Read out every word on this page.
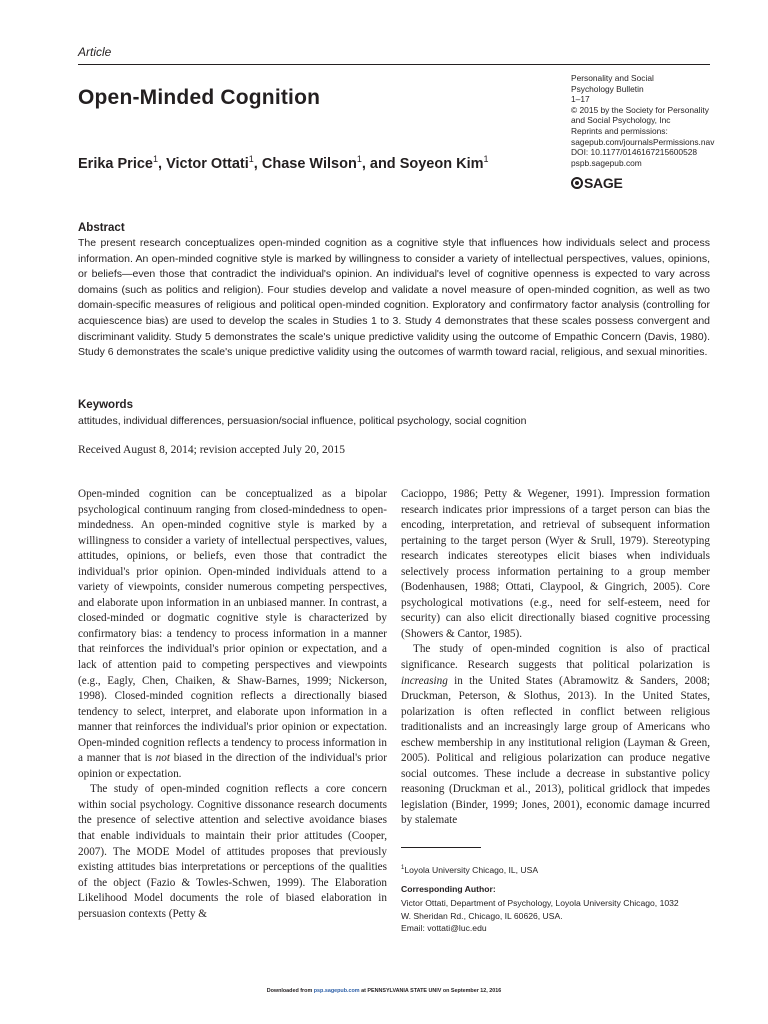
Article
Open-Minded Cognition
Erika Price$^1$, Victor Ottati$^1$, Chase Wilson$^1$, and Soyeon Kim$^1$
Personality and Social
Psychology Bulletin
1–17
© 2015 by the Society for Personality
and Social Psychology, Inc
Reprints and permissions:
sagepub.com/journalsPermissions.nav
DOI: 10.1177/0146167215600528
pspb.sagepub.com
SAGE
Abstract
The present research conceptualizes open-minded cognition as a cognitive style that influences how individuals select and process information. An open-minded cognitive style is marked by willingness to consider a variety of intellectual perspectives, values, opinions, or beliefs—even those that contradict the individual's opinion. An individual's level of cognitive openness is expected to vary across domains (such as politics and religion). Four studies develop and validate a novel measure of open-minded cognition, as well as two domain-specific measures of religious and political open-minded cognition. Exploratory and confirmatory factor analysis (controlling for acquiescence bias) are used to develop the scales in Studies 1 to 3. Study 4 demonstrates that these scales possess convergent and discriminant validity. Study 5 demonstrates the scale's unique predictive validity using the outcome of Empathic Concern (Davis, 1980). Study 6 demonstrates the scale's unique predictive validity using the outcomes of warmth toward racial, religious, and sexual minorities.
Keywords
attitudes, individual differences, persuasion/social influence, political psychology, social cognition
Received August 8, 2014; revision accepted July 20, 2015

Open-minded cognition can be conceptualized as a bipolar psychological continuum ranging from closed-mindedness to open-mindedness. An open-minded cognitive style is marked by a willingness to consider a variety of intellectual perspectives, values, attitudes, opinions, or beliefs, even those that contradict the individual's prior opinion. Open-minded individuals attend to a variety of viewpoints, consider numerous competing perspectives, and elaborate upon information in an unbiased manner. In contrast, a closed-minded or dogmatic cognitive style is characterized by confirmatory bias: a tendency to process information in a manner that reinforces the individual's prior opinion or expectation, and a lack of attention paid to competing perspectives and viewpoints (e.g., Eagly, Chen, Chaiken, & Shaw-Barnes, 1999; Nickerson, 1998). Closed-minded cognition reflects a directionally biased tendency to select, interpret, and elaborate upon information in a manner that reinforces the individual's prior opinion or expectation. Open-minded cognition reflects a tendency to process information in a manner that is not biased in the direction of the individual's prior opinion or expectation.

The study of open-minded cognition reflects a core concern within social psychology. Cognitive dissonance research documents the presence of selective attention and selective avoidance biases that enable individuals to maintain their prior attitudes (Cooper, 2007). The MODE Model of attitudes proposes that previously existing attitudes bias interpretations or perceptions of the qualities of the object (Fazio & Towles-Schwen, 1999). The Elaboration Likelihood Model documents the role of biased elaboration in persuasion contexts (Petty &

Cacioppo, 1986; Petty & Wegener, 1991). Impression formation research indicates prior impressions of a target person can bias the encoding, interpretation, and retrieval of subsequent information pertaining to the target person (Wyer & Srull, 1979). Stereotyping research indicates stereotypes elicit biases when individuals selectively process information pertaining to a group member (Bodenhausen, 1988; Ottati, Claypool, & Gingrich, 2005). Core psychological motivations (e.g., need for self-esteem, need for security) can also elicit directionally biased cognitive processing (Showers & Cantor, 1985).

The study of open-minded cognition is also of practical significance. Research suggests that political polarization is increasing in the United States (Abramowitz & Sanders, 2008; Druckman, Peterson, & Slothus, 2013). In the United States, polarization is often reflected in conflict between religious traditionalists and an increasingly large group of Americans who eschew membership in any institutional religion (Layman & Green, 2005). Political and religious polarization can produce negative social outcomes. These include a decrease in substantive policy reasoning (Druckman et al., 2013), political gridlock that impedes legislation (Binder, 1999; Jones, 2001), economic damage incurred by stalemate

$^1$Loyola University Chicago, IL, USA
Corresponding Author:
Victor Ottati, Department of Psychology, Loyola University Chicago, 1032
W. Sheridan Rd., Chicago, IL 60626, USA.
Email: vottati@luc.edu
Downloaded from psp.sagepub.com at PENNSYLVANIA STATE UNIV on September 12, 2016
